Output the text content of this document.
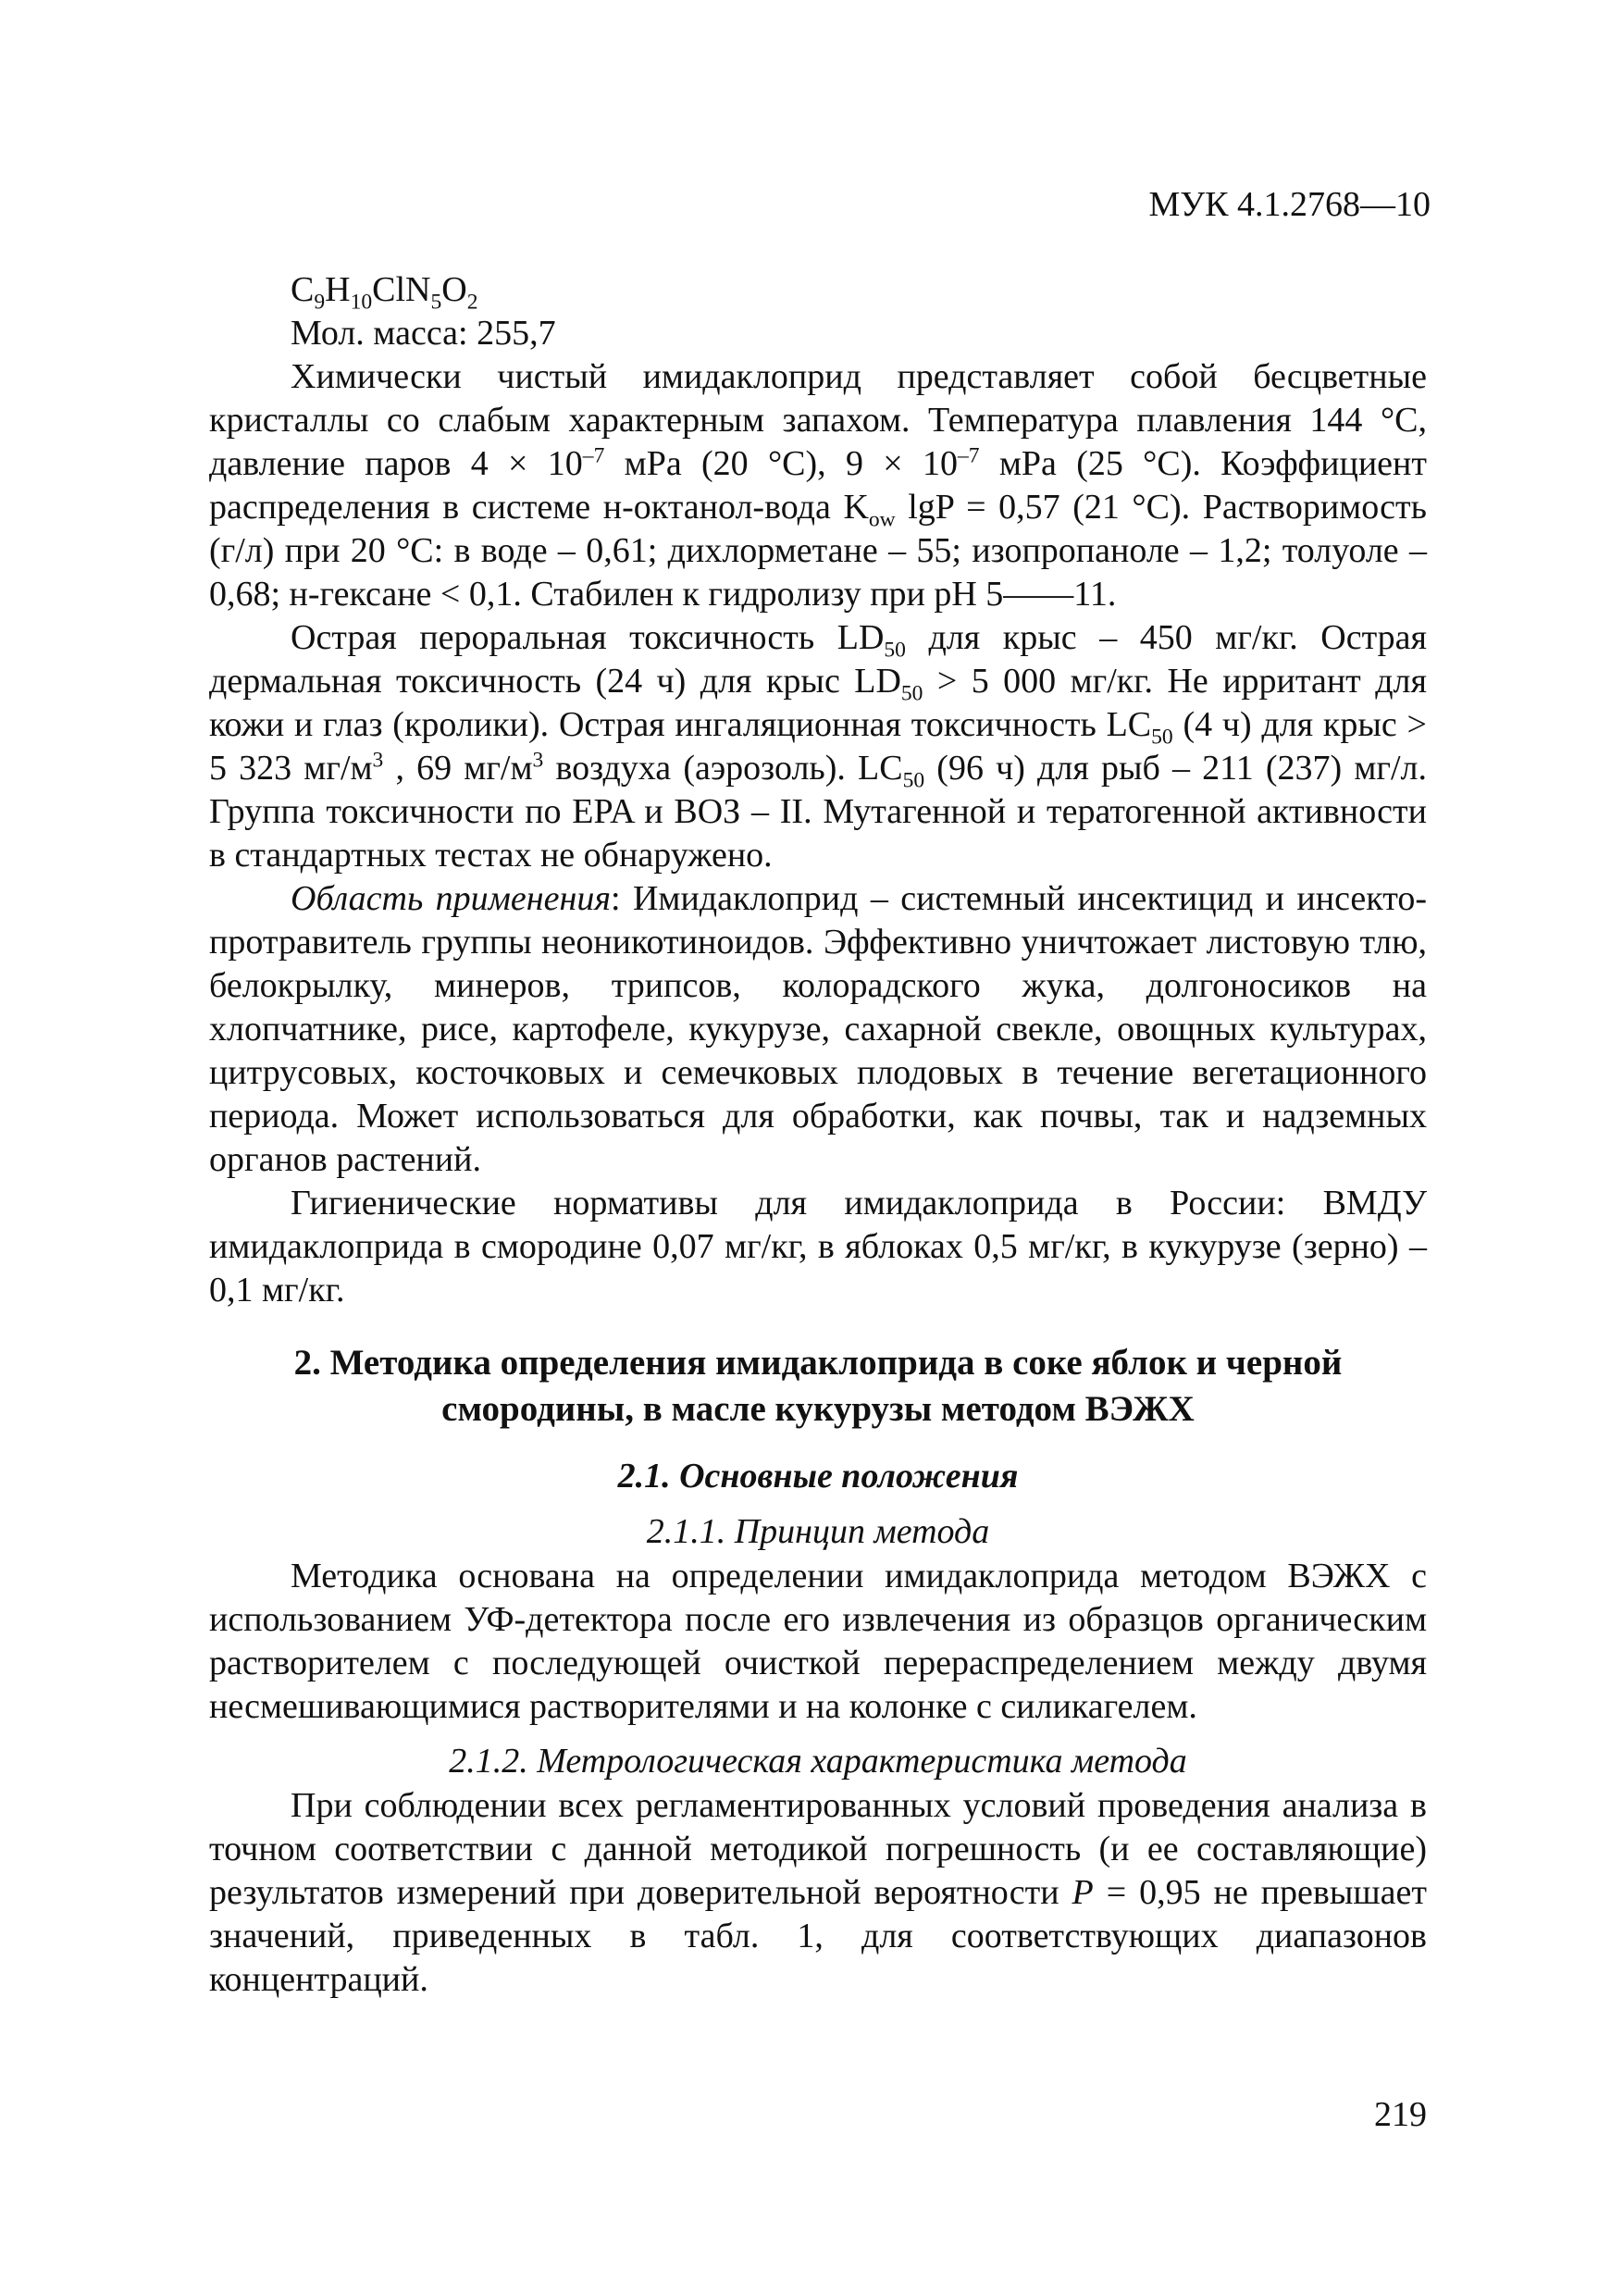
МУК 4.1.2768—10

$C_9H_{10}ClN_5O_2$

Мол. масса: 255,7

Химически чистый имидаклоприд представляет собой бесцветные кристаллы со слабым характерным запахом. Температура плавления 144 °C, давление паров $4 \times 10^{-7}$ мPa (20 °C), $9 \times 10^{-7}$ мPa (25 °C). Коэффициент распределения в системе н-октанол-вода $K_{ow}$ lgP = 0,57 (21 °C). Растворимость (г/л) при 20 °C: в воде – 0,61; дихлорметане – 55; изопропаноле – 1,2; толуоле – 0,68; н-гексане < 0,1. Стабилен к гидролизу при pH 5——11.

Острая пероральная токсичность $LD_{50}$ для крыс – 450 мг/кг. Острая дермальная токсичность (24 ч) для крыс $LD_{50} > 5$ 000 мг/кг. Не ирритант для кожи и глаз (кролики). Острая ингаляционная токсичность $LC_{50}$ (4 ч) для крыс > 5 323 $мг/м^3$ , 69 $мг/м^3$ воздуха (аэрозоль). $LC_{50}$ (96 ч) для рыб – 211 (237) мг/л. Группа токсичности по EPA и ВОЗ – II. Мутагенной и тератогенной активности в стандартных тестах не обнаружено.

Область применения: Имидаклоприд – системный инсектицид и инсекто-протравитель группы неоникотиноидов. Эффективно уничтожает листовую тлю, белокрылку, минеров, трипсов, колорадского жука, долгоносиков на хлопчатнике, рисе, картофеле, кукурузе, сахарной свекле, овощных культурах, цитрусовых, косточковых и семечковых плодовых в течение вегетационного периода. Может использоваться для обработки, как почвы, так и надземных органов растений.

Гигиенические нормативы для имидаклоприда в России: ВМДУ имидаклоприда в смородине 0,07 мг/кг, в яблоках 0,5 мг/кг, в кукурузе (зерно) – 0,1 мг/кг.

2. Методика определения имидаклоприда в соке яблок и черной смородины, в масле кукурузы методом ВЭЖХ
2.1. Основные положения
2.1.1. Принцип метода

Методика основана на определении имидаклоприда методом ВЭЖХ с использованием УФ-детектора после его извлечения из образцов органическим растворителем с последующей очисткой перераспределением между двумя несмешивающимися растворителями и на колонке с силикагелем.

2.1.2. Метрологическая характеристика метода

При соблюдении всех регламентированных условий проведения анализа в точном соответствии с данной методикой погрешность (и ее составляющие) результатов измерений при доверительной вероятности P = 0,95 не превышает значений, приведенных в табл. 1, для соответствующих диапазонов концентраций.

219
